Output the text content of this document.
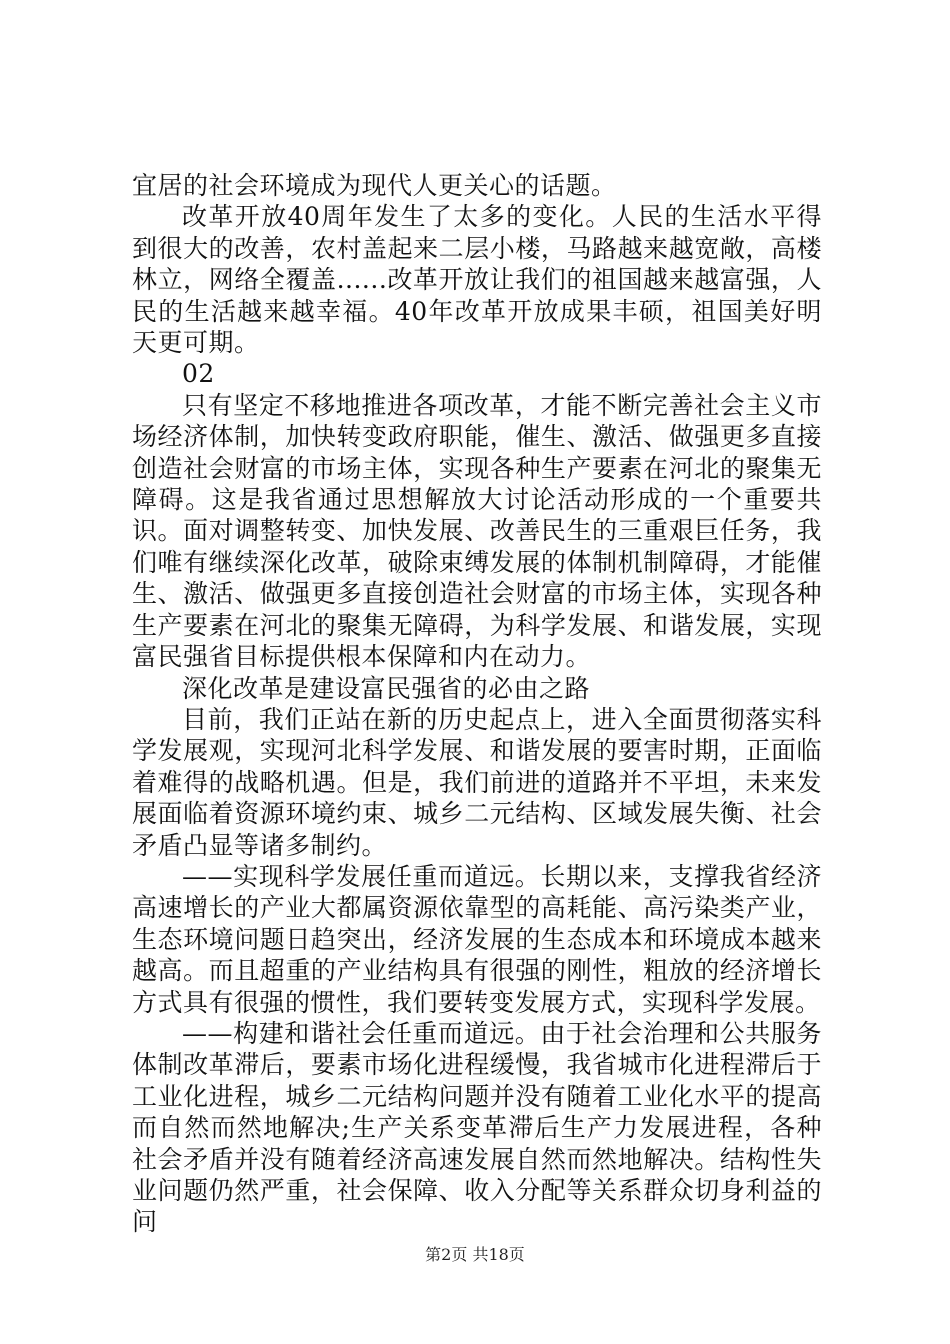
宜居的社会环境成为现代人更关心的话题。

改革开放40周年发生了太多的变化。人民的生活水平得到很大的改善，农村盖起来二层小楼，马路越来越宽敞，高楼林立，网络全覆盖......改革开放让我们的祖国越来越富强，人民的生活越来越幸福。40年改革开放成果丰硕，祖国美好明天更可期。

02

只有坚定不移地推进各项改革，才能不断完善社会主义市场经济体制，加快转变政府职能，催生、激活、做强更多直接创造社会财富的市场主体，实现各种生产要素在河北的聚集无障碍。这是我省通过思想解放大讨论活动形成的一个重要共识。面对调整转变、加快发展、改善民生的三重艰巨任务，我们唯有继续深化改革，破除束缚发展的体制机制障碍，才能催生、激活、做强更多直接创造社会财富的市场主体，实现各种生产要素在河北的聚集无障碍，为科学发展、和谐发展，实现富民强省目标提供根本保障和内在动力。

深化改革是建设富民强省的必由之路

目前，我们正站在新的历史起点上，进入全面贯彻落实科学发展观，实现河北科学发展、和谐发展的要害时期，正面临着难得的战略机遇。但是，我们前进的道路并不平坦，未来发展面临着资源环境约束、城乡二元结构、区域发展失衡、社会矛盾凸显等诸多制约。

——实现科学发展任重而道远。长期以来，支撑我省经济高速增长的产业大都属资源依靠型的高耗能、高污染类产业，生态环境问题日趋突出，经济发展的生态成本和环境成本越来越高。而且超重的产业结构具有很强的刚性，粗放的经济增长方式具有很强的惯性，我们要转变发展方式，实现科学发展。

——构建和谐社会任重而道远。由于社会治理和公共服务体制改革滞后，要素市场化进程缓慢，我省城市化进程滞后于工业化进程，城乡二元结构问题并没有随着工业化水平的提高而自然而然地解决;生产关系变革滞后生产力发展进程，各种社会矛盾并没有随着经济高速发展自然而然地解决。结构性失业问题仍然严重，社会保障、收入分配等关系群众切身利益的问

第2页 共18页
